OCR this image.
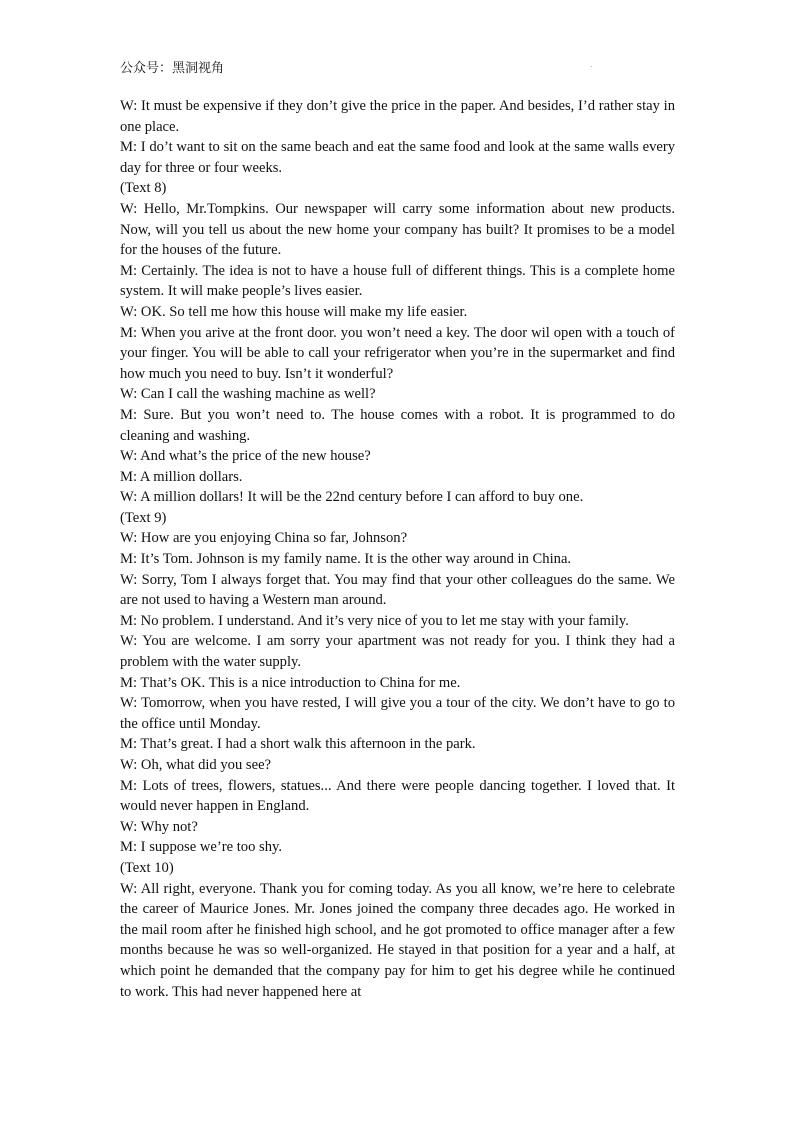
公众号：黑洞视角	.

W: It must be expensive if they don’t give the price in the paper. And besides, I’d rather stay in one place.

M: I do’t want to sit on the same beach and eat the same food and look at the same walls every day for three or four weeks.

(Text 8)

W: Hello, Mr.Tompkins. Our newspaper will carry some information about new products. Now, will you tell us about the new home your company has built? It promises to be a model for the houses of the future.

M: Certainly. The idea is not to have a house full of different things. This is a complete home system. It will make people’s lives easier.

W: OK. So tell me how this house will make my life easier.

M: When you arive at the front door. you won’t need a key. The door wil open with a touch of your finger. You will be able to call your refrigerator when you’re in the supermarket and find how much you need to buy. Isn’t it wonderful?

W: Can I call the washing machine as well?

M: Sure. But you won’t need to. The house comes with a robot. It is programmed to do cleaning and washing.

W: And what’s the price of the new house?

M: A million dollars.

W: A million dollars! It will be the 22nd century before I can afford to buy one.

(Text 9)

W: How are you enjoying China so far, Johnson?

M: It’s Tom. Johnson is my family name. It is the other way around in China.

W: Sorry, Tom I always forget that. You may find that your other colleagues do the same. We are not used to having a Western man around.

M: No problem. I understand. And it’s very nice of you to let me stay with your family.

W: You are welcome. I am sorry your apartment was not ready for you. I think they had a problem with the water supply.

M: That’s OK. This is a nice introduction to China for me.

W: Tomorrow, when you have rested, I will give you a tour of the city. We don’t have to go to the office until Monday.

M: That’s great. I had a short walk this afternoon in the park.

W: Oh, what did you see?

M: Lots of trees, flowers, statues... And there were people dancing together. I loved that. It would never happen in England.

W: Why not?

M: I suppose we’re too shy.

(Text 10)

W: All right, everyone. Thank you for coming today. As you all know, we’re here to celebrate the career of Maurice Jones. Mr. Jones joined the company three decades ago. He worked in the mail room after he finished high school, and he got promoted to office manager after a few months because he was so well-organized. He stayed in that position for a year and a half, at which point he demanded that the company pay for him to get his degree while he continued to work. This had never happened here at
